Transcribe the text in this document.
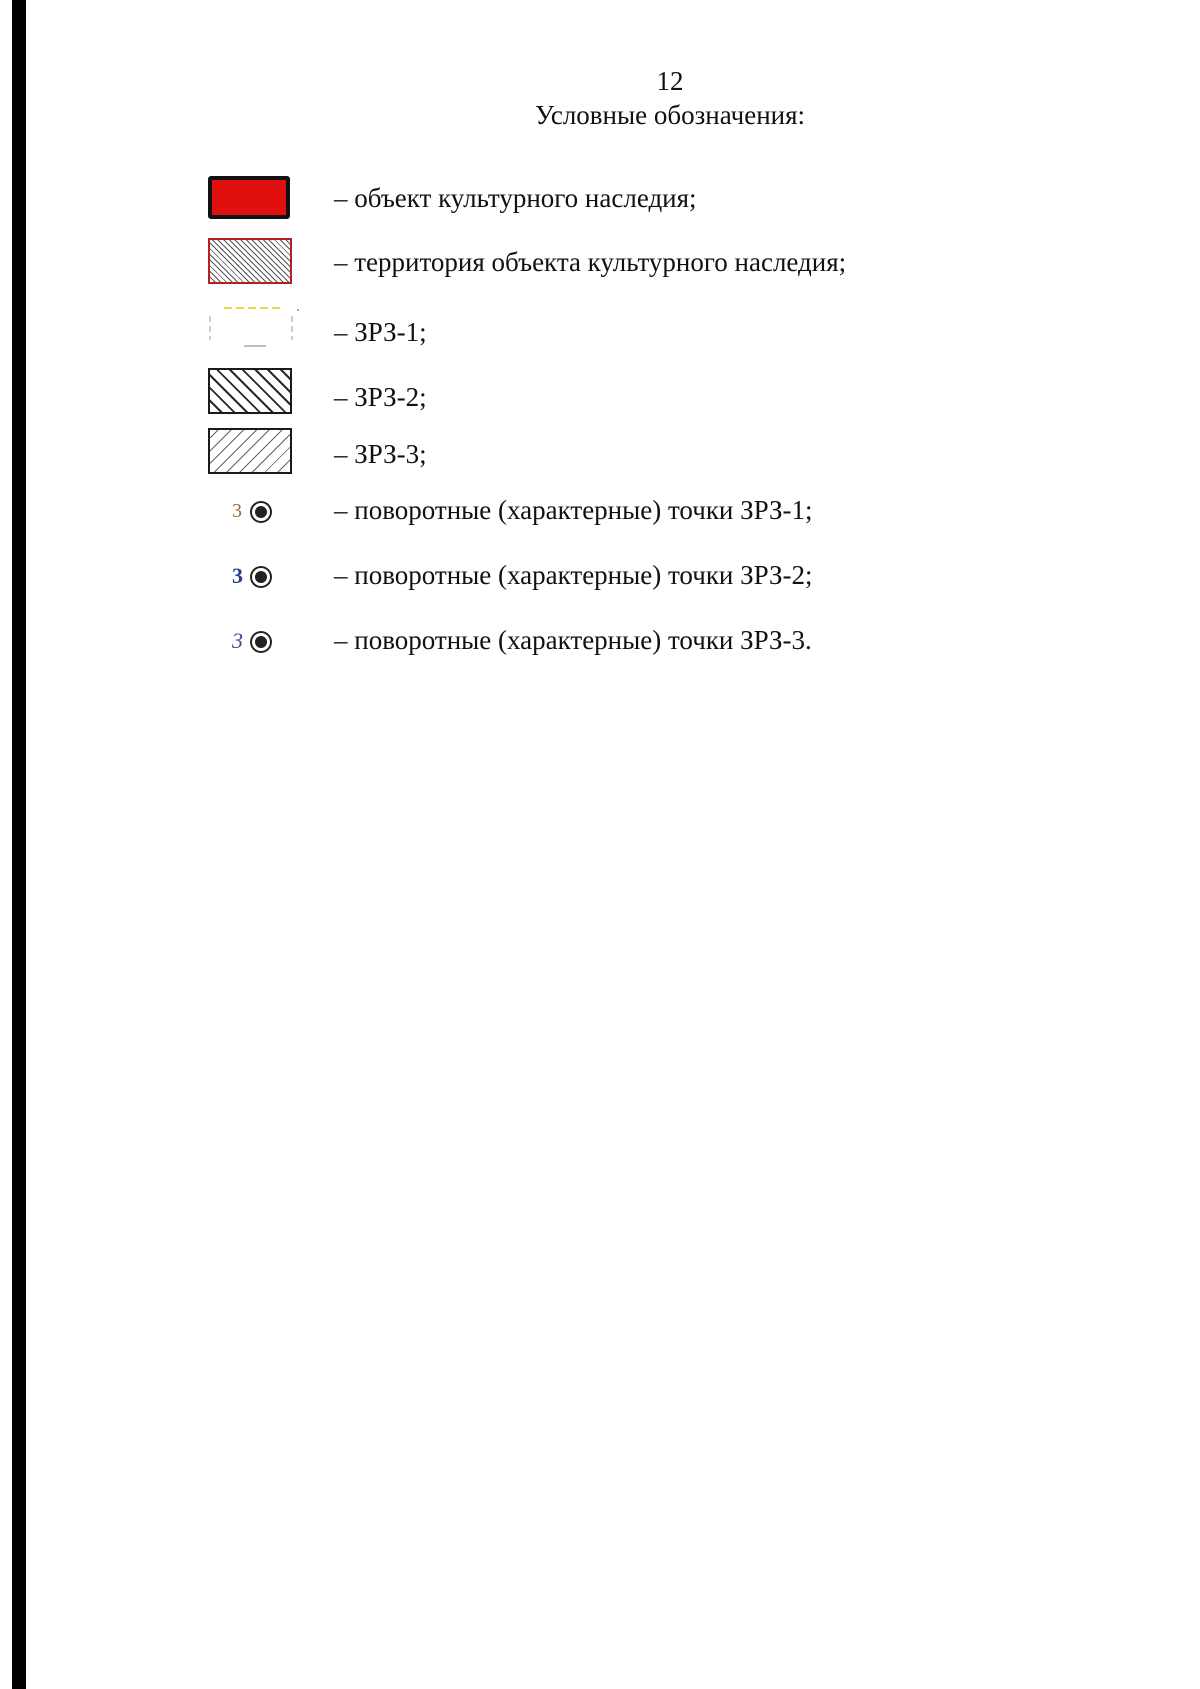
12
Условные обозначения:
– объект культурного наследия;
– территория объекта культурного наследия;
– ЗРЗ-1;
– ЗРЗ-2;
– ЗРЗ-3;
3	– поворотные (характерные) точки ЗРЗ-1;
3	– поворотные (характерные) точки ЗРЗ-2;
3	– поворотные (характерные) точки ЗРЗ-3.
